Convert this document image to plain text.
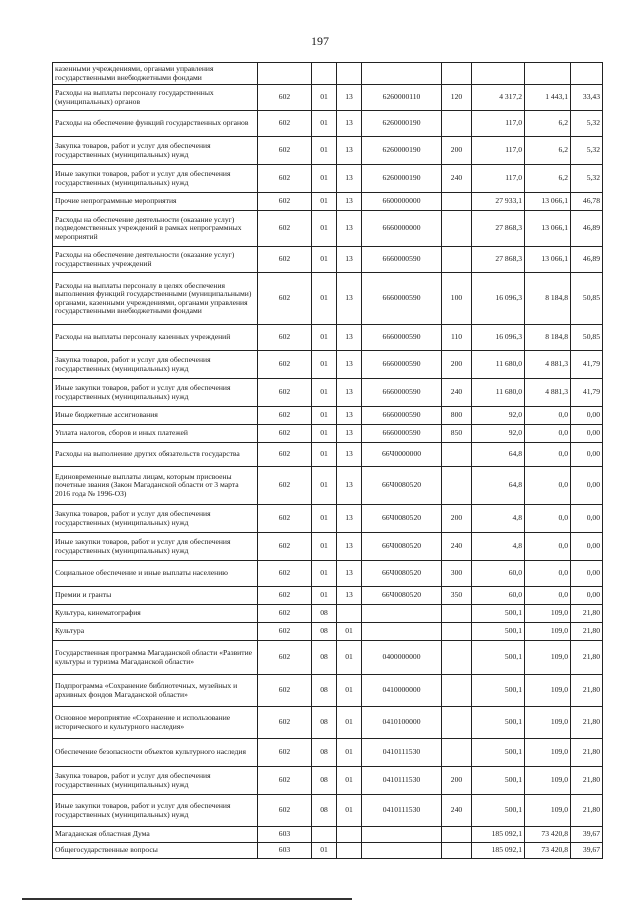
197
казенными учреждениями, органами управления государственными внебюджетными фондами								
Расходы на выплаты персоналу государственных (муниципальных) органов	602	01	13	6260000110	120	4 317,2	1 443,1	33,43
Расходы на обеспечение функций государственных органов	602	01	13	6260000190		117,0	6,2	5,32
Закупка товаров, работ и услуг для обеспечения государственных (муниципальных) нужд	602	01	13	6260000190	200	117,0	6,2	5,32
Иные закупки товаров, работ и услуг для обеспечения государственных (муниципальных) нужд	602	01	13	6260000190	240	117,0	6,2	5,32
Прочие непрограммные мероприятия	602	01	13	6600000000		27 933,1	13 066,1	46,78
Расходы на обеспечение деятельности (оказание услуг) подведомственных учреждений в рамках непрограммных мероприятий	602	01	13	6660000000		27 868,3	13 066,1	46,89
Расходы на обеспечение деятельности (оказание услуг) государственных учреждений	602	01	13	6660000590		27 868,3	13 066,1	46,89
Расходы на выплаты персоналу в целях обеспечения выполнения функций государственными (муниципальными) органами, казенными учреждениями, органами управления государственными внебюджетными фондами	602	01	13	6660000590	100	16 096,3	8 184,8	50,85
Расходы на выплаты персоналу казенных учреждений	602	01	13	6660000590	110	16 096,3	8 184,8	50,85
Закупка товаров, работ и услуг для обеспечения государственных (муниципальных) нужд	602	01	13	6660000590	200	11 680,0	4 881,3	41,79
Иные закупки товаров, работ и услуг для обеспечения государственных (муниципальных) нужд	602	01	13	6660000590	240	11 680,0	4 881,3	41,79
Иные бюджетные ассигнования	602	01	13	6660000590	800	92,0	0,0	0,00
Уплата налогов, сборов и иных платежей	602	01	13	6660000590	850	92,0	0,0	0,00
Расходы на выполнение других обязательств государства	602	01	13	66Ч0000000		64,8	0,0	0,00
Единовременные выплаты лицам, которым присвоены почетные звания (Закон Магаданской области от 3 марта 2016 года № 1996-ОЗ)	602	01	13	66Ч0080520		64,8	0,0	0,00
Закупка товаров, работ и услуг для обеспечения государственных (муниципальных) нужд	602	01	13	66Ч0080520	200	4,8	0,0	0,00
Иные закупки товаров, работ и услуг для обеспечения государственных (муниципальных) нужд	602	01	13	66Ч0080520	240	4,8	0,0	0,00
Социальное обеспечение и иные выплаты населению	602	01	13	66Ч0080520	300	60,0	0,0	0,00
Премии и гранты	602	01	13	66Ч0080520	350	60,0	0,0	0,00
Культура, кинематография	602	08				500,1	109,0	21,80
Культура	602	08	01			500,1	109,0	21,80
Государственная программа Магаданской области «Развитие культуры и туризма Магаданской области»	602	08	01	0400000000		500,1	109,0	21,80
Подпрограмма «Сохранение библиотечных, музейных и архивных фондов Магаданской области»	602	08	01	0410000000		500,1	109,0	21,80
Основное мероприятие «Сохранение и использование исторического и культурного наследия»	602	08	01	0410100000		500,1	109,0	21,80
Обеспечение безопасности объектов культурного наследия	602	08	01	0410111530		500,1	109,0	21,80
Закупка товаров, работ и услуг для обеспечения государственных (муниципальных) нужд	602	08	01	0410111530	200	500,1	109,0	21,80
Иные закупки товаров, работ и услуг для обеспечения государственных (муниципальных) нужд	602	08	01	0410111530	240	500,1	109,0	21,80
Магаданская областная Дума	603					185 092,1	73 420,8	39,67
Общегосударственные вопросы	603	01				185 092,1	73 420,8	39,67
